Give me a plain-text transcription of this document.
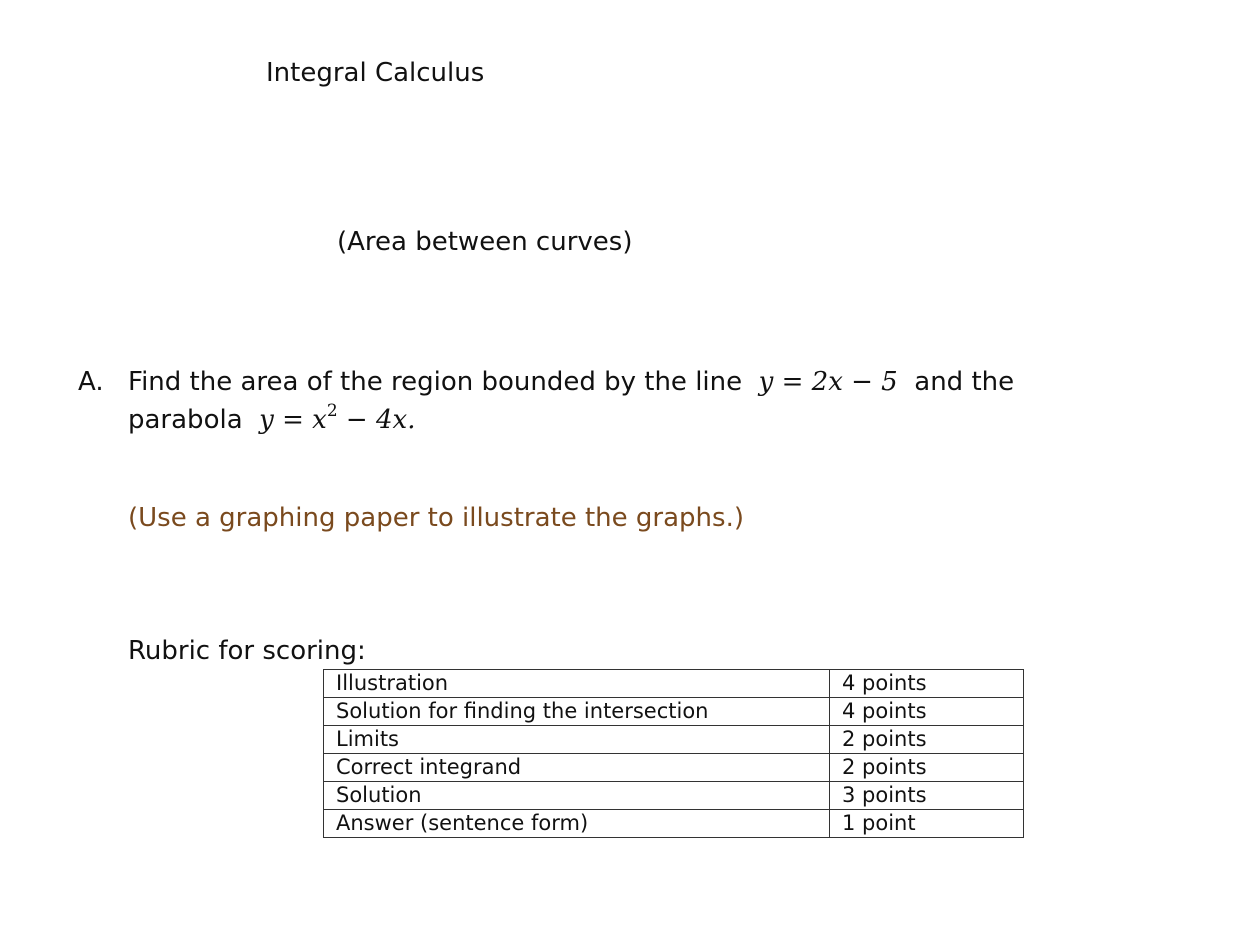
Integral Calculus
(Area between curves)
A. Find the area of the region bounded by the line y = 2x − 5 and the parabola $y = x^2 - 4x$.
(Use a graphing paper to illustrate the graphs.)
Rubric for scoring:
Illustration	4 points
Solution for finding the intersection	4 points
Limits	2 points
Correct integrand	2 points
Solution	3 points
Answer (sentence form)	1 point
